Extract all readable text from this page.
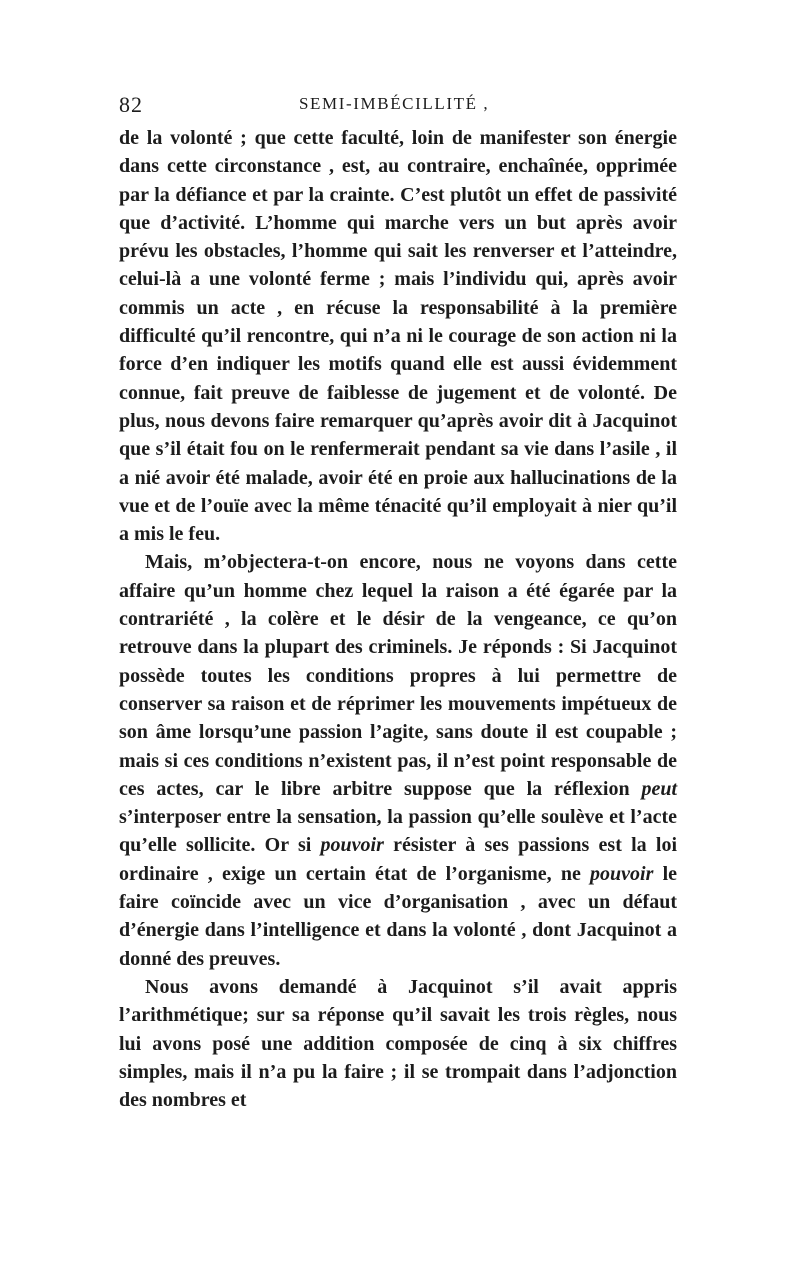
82	SEMI-IMBÉCILLITÉ ,

de la volonté ; que cette faculté, loin de manifester son énergie dans cette circonstance , est, au contraire, enchaînée, opprimée par la défiance et par la crainte. C’est plutôt un effet de passivité que d’activité. L’homme qui marche vers un but après avoir prévu les obstacles, l’homme qui sait les renverser et l’atteindre, celui-là a une volonté ferme ; mais l’individu qui, après avoir commis un acte , en récuse la responsabilité à la première difficulté qu’il rencontre, qui n’a ni le courage de son action ni la force d’en indiquer les motifs quand elle est aussi évidemment connue, fait preuve de faiblesse de jugement et de volonté. De plus, nous devons faire remarquer qu’après avoir dit à Jacquinot que s’il était fou on le renfermerait pendant sa vie dans l’asile , il a nié avoir été malade, avoir été en proie aux hallucinations de la vue et de l’ouïe avec la même ténacité qu’il employait à nier qu’il a mis le feu.

Mais, m’objectera-t-on encore, nous ne voyons dans cette affaire qu’un homme chez lequel la raison a été égarée par la contrariété , la colère et le désir de la vengeance, ce qu’on retrouve dans la plupart des criminels. Je réponds : Si Jacquinot possède toutes les conditions propres à lui permettre de conserver sa raison et de réprimer les mouvements impétueux de son âme lorsqu’une passion l’agite, sans doute il est coupable ; mais si ces conditions n’existent pas, il n’est point responsable de ces actes, car le libre arbitre suppose que la réflexion peut s’interposer entre la sensation, la passion qu’elle soulève et l’acte qu’elle sollicite. Or si pouvoir résister à ses passions est la loi ordinaire , exige un certain état de l’organisme, ne pouvoir le faire coïncide avec un vice d’organisation , avec un défaut d’énergie dans l’intelligence et dans la volonté , dont Jacquinot a donné des preuves.

Nous avons demandé à Jacquinot s’il avait appris l’arithmétique; sur sa réponse qu’il savait les trois règles, nous lui avons posé une addition composée de cinq à six chiffres simples, mais il n’a pu la faire ; il se trompait dans l’adjonction des nombres et
